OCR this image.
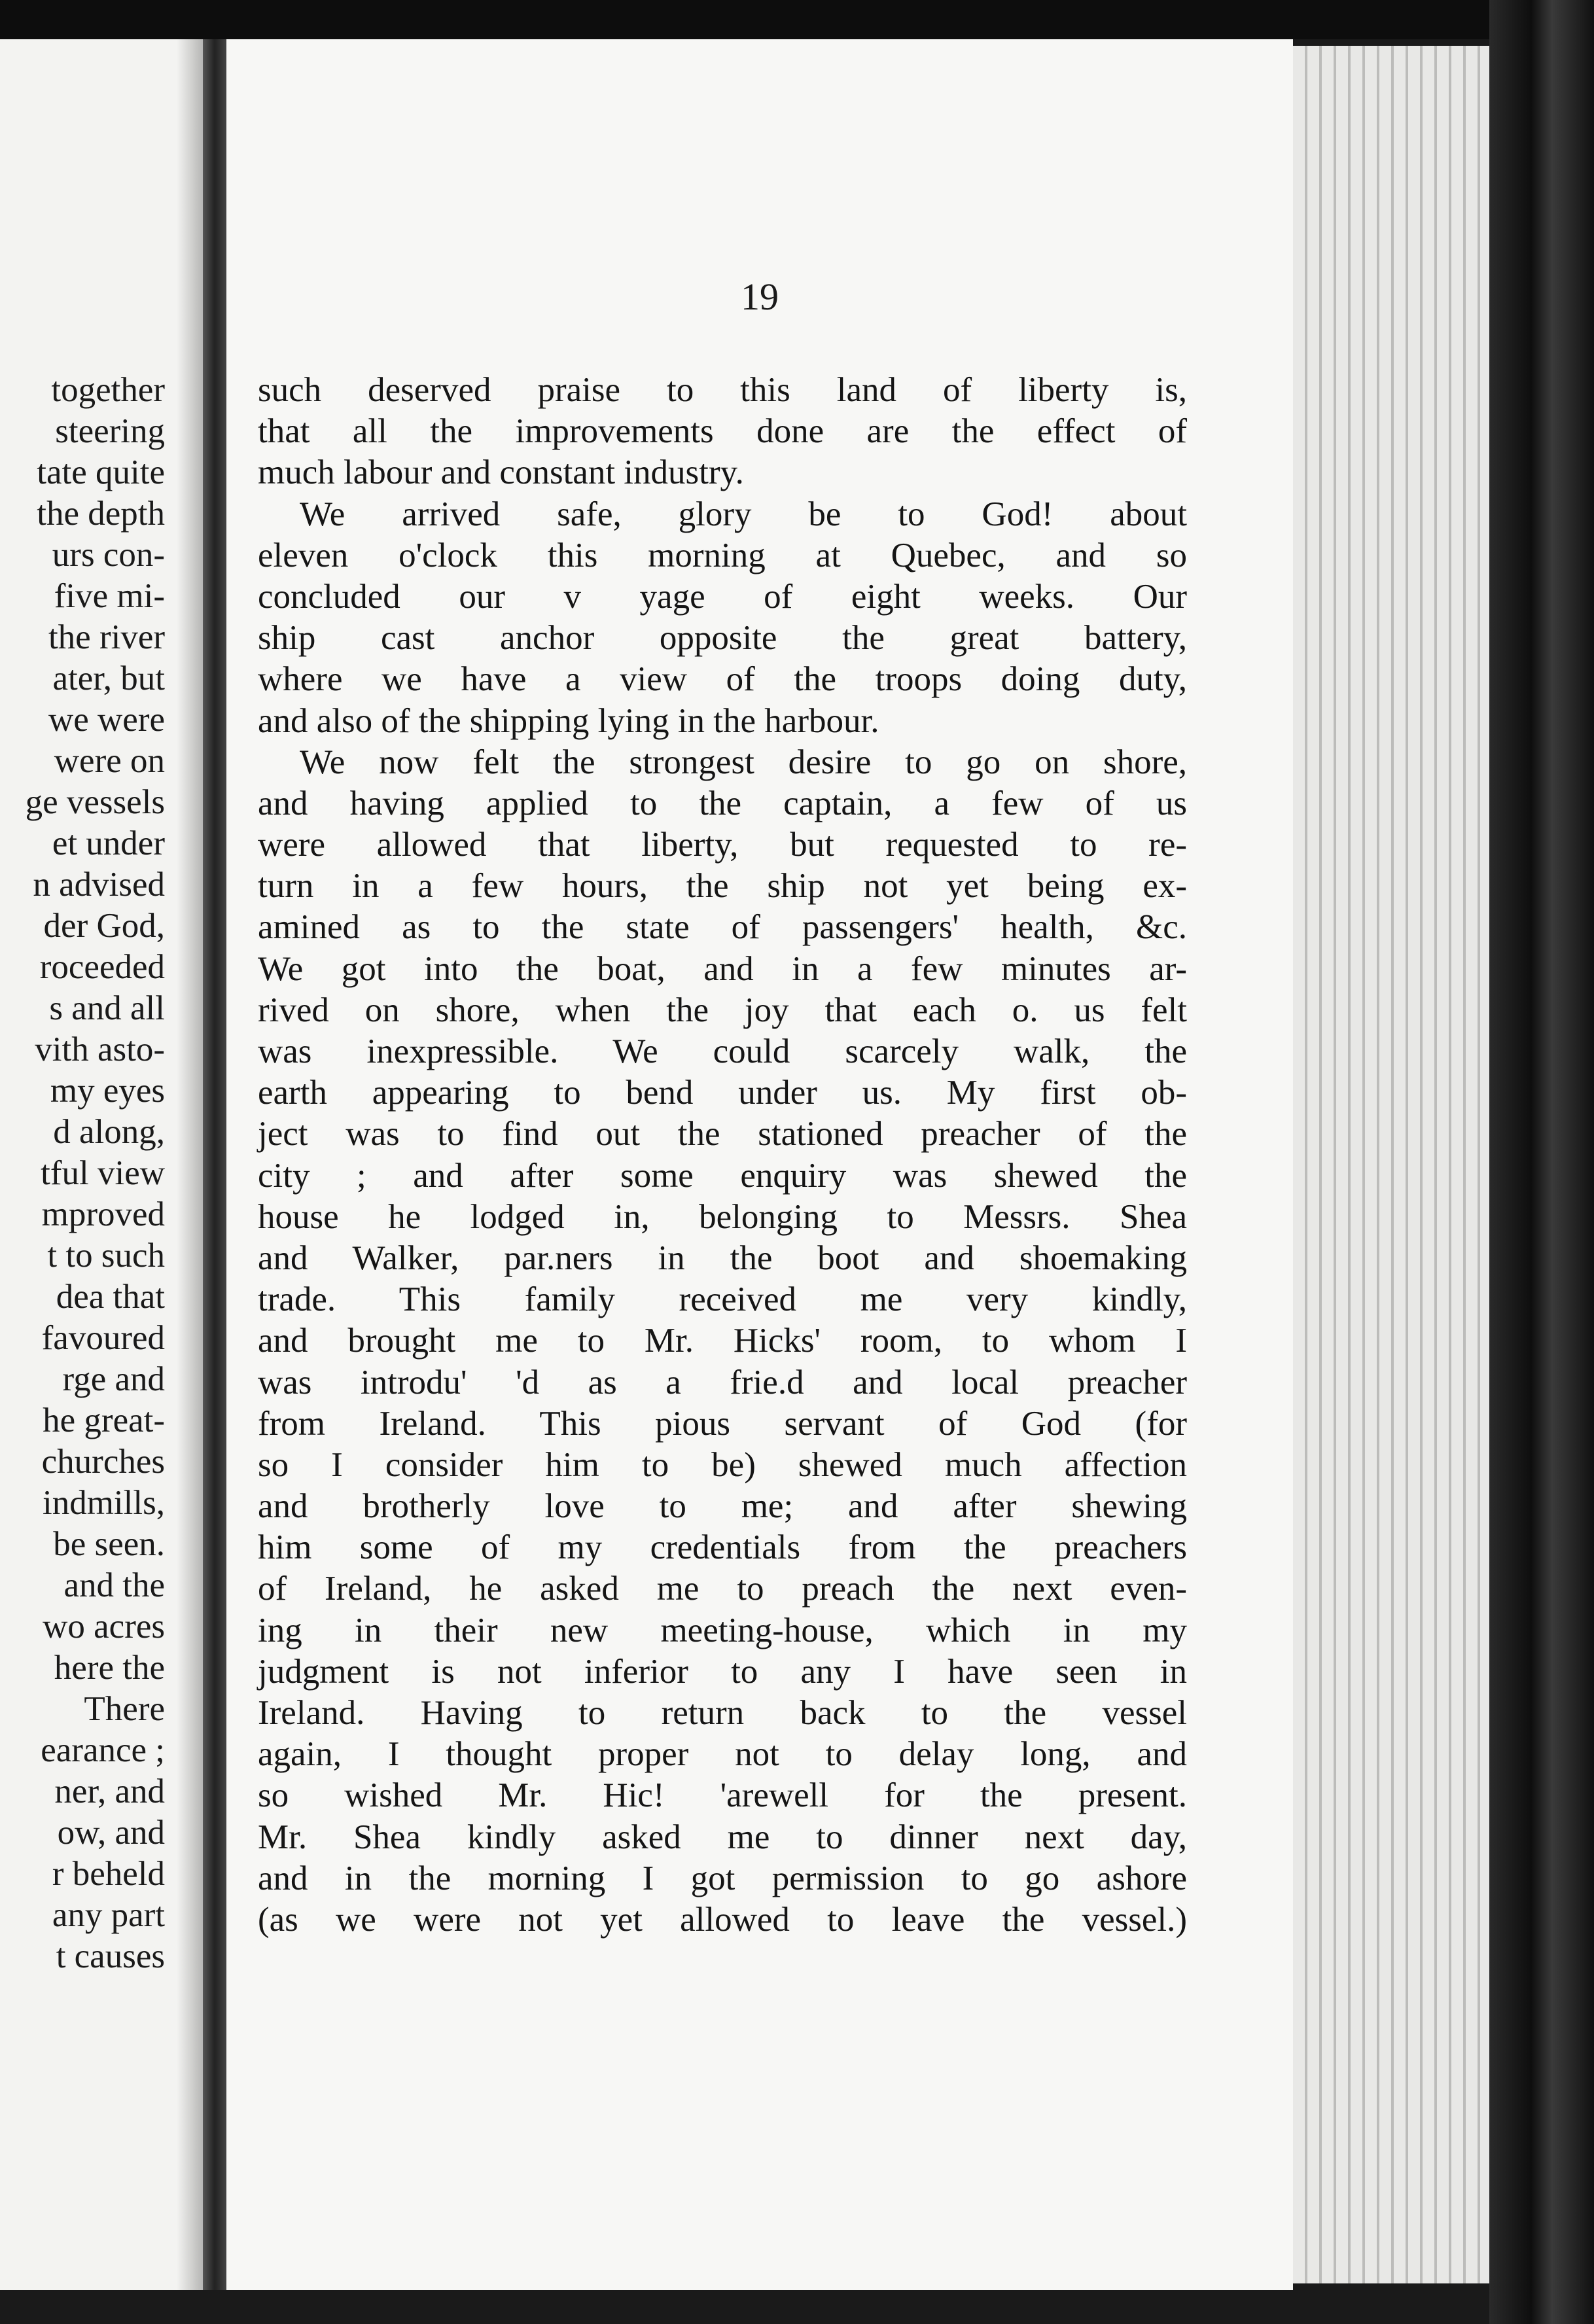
together
steering
tate quite
the depth
urs con-
five mi-
the river
ater, but
we were
were on
ge vessels
et under
n advised
der God,
roceeded
s and all
vith asto-
my eyes
d along,
tful view
mproved
t to such
dea that
favoured
rge and
he great-
churches
indmills,
be seen.
and the
wo acres
here the
There
earance ;
ner, and
ow, and
r beheld
any part
t causes
19
such deserved praise to this land of liberty is,
that all the improvements done are the effect of
much labour and constant industry.
We arrived safe, glory be to God! about
eleven o'clock this morning at Quebec, and so
concluded our v yage of eight weeks. Our
ship cast anchor opposite the great battery,
where we have a view of the troops doing duty,
and also of the shipping lying in the harbour.
We now felt the strongest desire to go on shore,
and having applied to the captain, a few of us
were allowed that liberty, but requested to re-
turn in a few hours, the ship not yet being ex-
amined as to the state of passengers' health, &c.
We got into the boat, and in a few minutes ar-
rived on shore, when the joy that each o. us felt
was inexpressible. We could scarcely walk, the
earth appearing to bend under us. My first ob-
ject was to find out the stationed preacher of the
city ; and after some enquiry was shewed the
house he lodged in, belonging to Messrs. Shea
and Walker, par.ners in the boot and shoemaking
trade. This family received me very kindly,
and brought me to Mr. Hicks' room, to whom I
was introdu' 'd as a frie.d and local preacher
from Ireland. This pious servant of God (for
so I consider him to be) shewed much affection
and brotherly love to me; and after shewing
him some of my credentials from the preachers
of Ireland, he asked me to preach the next even-
ing in their new meeting-house, which in my
judgment is not inferior to any I have seen in
Ireland. Having to return back to the vessel
again, I thought proper not to delay long, and
so wished Mr. Hic! 'arewell for the present.
Mr. Shea kindly asked me to dinner next day,
and in the morning I got permission to go ashore
(as we were not yet allowed to leave the vessel.)
